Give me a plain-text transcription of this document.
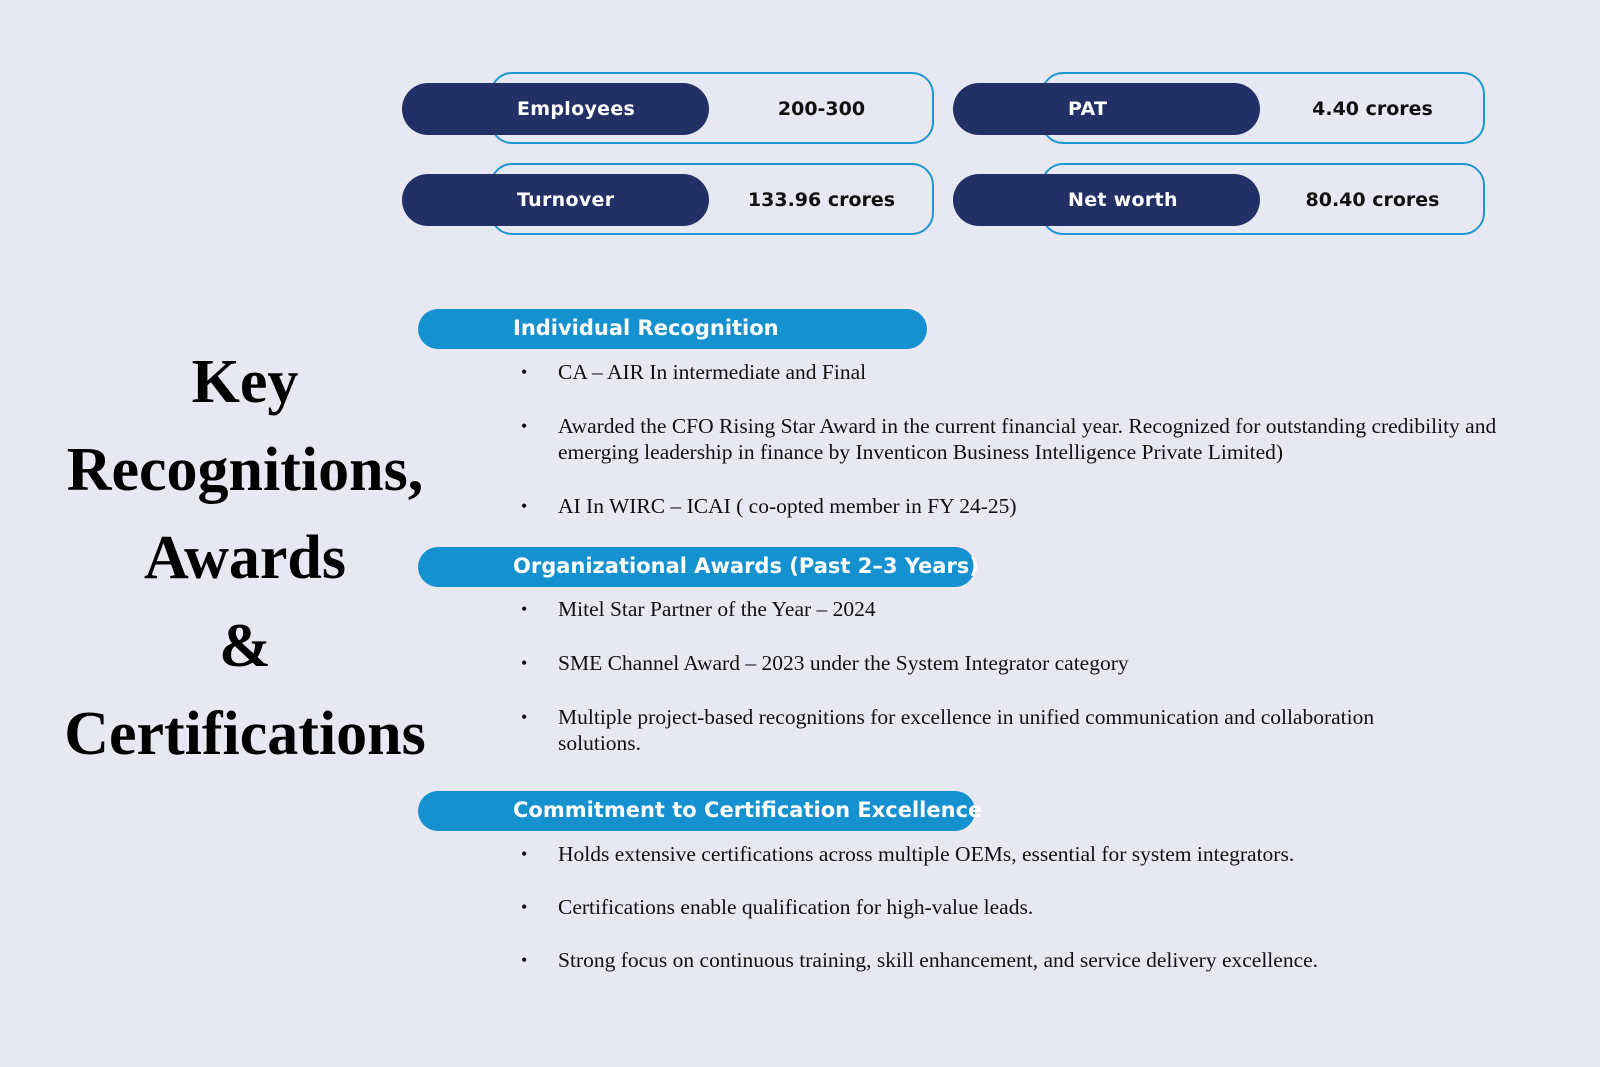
Employees	200-300
Turnover	133.96 crores
PAT	4.40 crores
Net worth	80.40 crores
Key
Recognitions,
Awards
&
Certifications
Individual Recognition
• CA – AIR In intermediate and Final
• Awarded the CFO Rising Star Award in the current financial year. Recognized for outstanding credibility and emerging leadership in finance by Inventicon Business Intelligence Private Limited)
• AI In WIRC – ICAI ( co-opted member in FY 24-25)
Organizational Awards (Past 2–3 Years)
• Mitel Star Partner of the Year – 2024
• SME Channel Award – 2023 under the System Integrator category
• Multiple project-based recognitions for excellence in unified communication and collaboration solutions.
Commitment to Certification Excellence
• Holds extensive certifications across multiple OEMs, essential for system integrators.
• Certifications enable qualification for high-value leads.
• Strong focus on continuous training, skill enhancement, and service delivery excellence.
